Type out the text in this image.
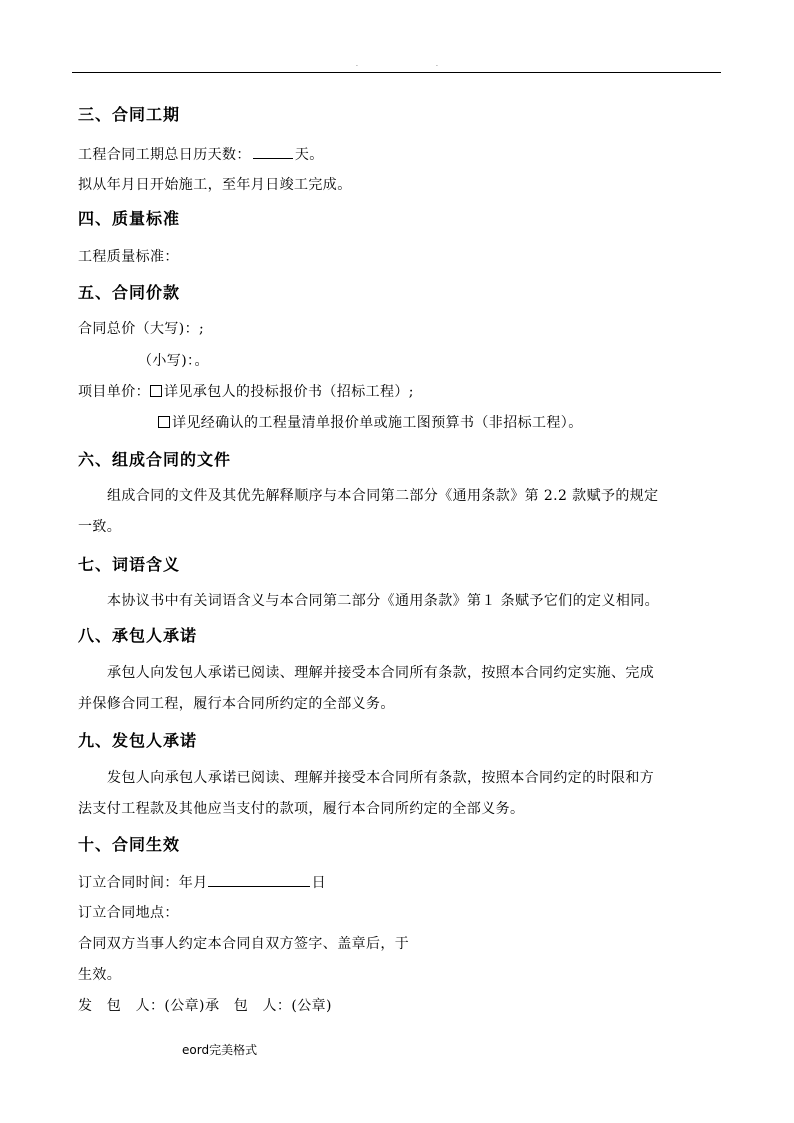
.	.
三、合同工期
工程合同工期总日历天数：	天。
拟从年月日开始施工，至年月日竣工完成。
四、质量标准
工程质量标准：
五、合同价款
合同总价（大写)：;
（小写)：。
项目单价： 详见承包人的投标报价书（招标工程）;
详见经确认的工程量清单报价单或施工图预算书（非招标工程）。
六、组成合同的文件
组成合同的文件及其优先解释顺序与本合同第二部分《通用条款》第 2.2 款赋予的规定
一致。
七、词语含义
本协议书中有关词语含义与本合同第二部分《通用条款》第１ 条赋予它们的定义相同。
八、承包人承诺
承包人向发包人承诺已阅读、理解并接受本合同所有条款，按照本合同约定实施、完成
并保修合同工程，履行本合同所约定的全部义务。
九、发包人承诺
发包人向承包人承诺已阅读、理解并接受本合同所有条款，按照本合同约定的时限和方
法支付工程款及其他应当支付的款项，履行本合同所约定的全部义务。
十、合同生效
订立合同时间：年月	日
订立合同地点：
合同双方当事人约定本合同自双方签字、盖章后，于
生效。
发　包　人：(公章)承　包　人：(公章)
eord完美格式
